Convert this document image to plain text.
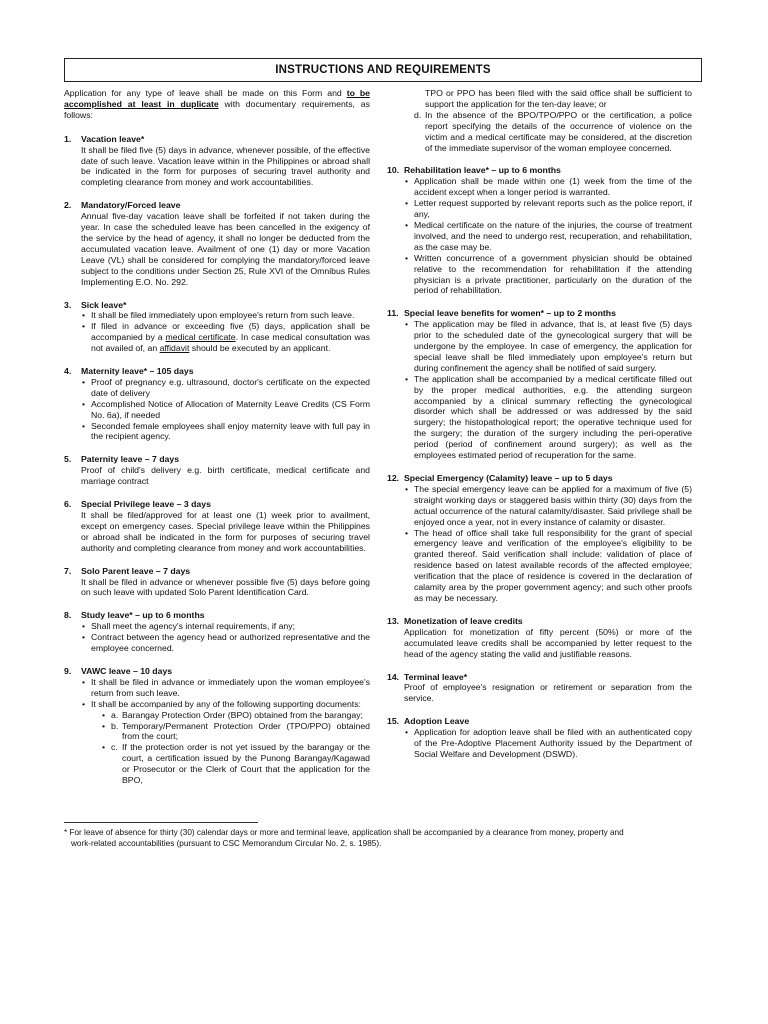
INSTRUCTIONS AND REQUIREMENTS

Application for any type of leave shall be made on this Form and to be accomplished at least in duplicate with documentary requirements, as follows:

1.	Vacation leave*

It shall be filed five (5) days in advance, whenever possible, of the effective date of such leave. Vacation leave within in the Philippines or abroad shall be indicated in the form for purposes of securing travel authority and completing clearance from money and work accountabilities.

2.	Mandatory/Forced leave

Annual five-day vacation leave shall be forfeited if not taken during the year. In case the scheduled leave has been cancelled in the exigency of the service by the head of agency, it shall no longer be deducted from the accumulated vacation leave. Availment of one (1) day or more Vacation Leave (VL) shall be considered for complying the mandatory/forced leave subject to the conditions under Section 25, Rule XVI of the Omnibus Rules Implementing E.O. No. 292.

3.	Sick leave*
• It shall be filed immediately upon employee's return from such leave.
• If filed in advance or exceeding five (5) days, application shall be accompanied by a medical certificate. In case medical consultation was not availed of, an affidavit should be executed by an applicant.
4.	Maternity leave* – 105 days
• Proof of pregnancy e.g. ultrasound, doctor's certificate on the expected date of delivery
• Accomplished Notice of Allocation of Maternity Leave Credits (CS Form No. 6a), if needed
• Seconded female employees shall enjoy maternity leave with full pay in the recipient agency.
5.	Paternity leave – 7 days

Proof of child's delivery e.g. birth certificate, medical certificate and marriage contract

6.	Special Privilege leave – 3 days

It shall be filed/approved for at least one (1) week prior to availment, except on emergency cases. Special privilege leave within the Philippines or abroad shall be indicated in the form for purposes of securing travel authority and completing clearance from money and work accountabilities.

7.	Solo Parent leave – 7 days

It shall be filed in advance or whenever possible five (5) days before going on such leave with updated Solo Parent Identification Card.

8.	Study leave* – up to 6 months
• Shall meet the agency's internal requirements, if any;
• Contract between the agency head or authorized representative and the employee concerned.
9.	VAWC leave – 10 days
• It shall be filed in advance or immediately upon the woman employee's return from such leave.
• It shall be accompanied by any of the following supporting documents:
• a. Barangay Protection Order (BPO) obtained from the barangay;
• b. Temporary/Permanent Protection Order (TPO/PPO) obtained from the court;
• c. If the protection order is not yet issued by the barangay or the court, a certification issued by the Punong Barangay/Kagawad or Prosecutor or the Clerk of Court that the application for the BPO,

TPO or PPO has been filed with the said office shall be sufficient to support the application for the ten-day leave; or

d. In the absence of the BPO/TPO/PPO or the certification, a police report specifying the details of the occurrence of violence on the victim and a medical certificate may be considered, at the discretion of the immediate supervisor of the woman employee concerned.
10. Rehabilitation leave* – up to 6 months
• Application shall be made within one (1) week from the time of the accident except when a longer period is warranted.
• Letter request supported by relevant reports such as the police report, if any,
• Medical certificate on the nature of the injuries, the course of treatment involved, and the need to undergo rest, recuperation, and rehabilitation, as the case may be.
• Written concurrence of a government physician should be obtained relative to the recommendation for rehabilitation if the attending physician is a private practitioner, particularly on the duration of the period of rehabilitation.
11. Special leave benefits for women* – up to 2 months
• The application may be filed in advance, that is, at least five (5) days prior to the scheduled date of the gynecological surgery that will be undergone by the employee. In case of emergency, the application for special leave shall be filed immediately upon employee's return but during confinement the agency shall be notified of said surgery.
• The application shall be accompanied by a medical certificate filled out by the proper medical authorities, e.g. the attending surgeon accompanied by a clinical summary reflecting the gynecological disorder which shall be addressed or was addressed by the said surgery; the histopathological report; the operative technique used for the surgery; the duration of the surgery including the peri-operative period (period of confinement around surgery); as well as the employees estimated period of recuperation for the same.
12. Special Emergency (Calamity) leave – up to 5 days
• The special emergency leave can be applied for a maximum of five (5) straight working days or staggered basis within thirty (30) days from the actual occurrence of the natural calamity/disaster. Said privilege shall be enjoyed once a year, not in every instance of calamity or disaster.
• The head of office shall take full responsibility for the grant of special emergency leave and verification of the employee's eligibility to be granted thereof. Said verification shall include: validation of place of residence based on latest available records of the affected employee; verification that the place of residence is covered in the declaration of calamity area by the proper government agency; and such other proofs as may be necessary.
13. Monetization of leave credits

Application for monetization of fifty percent (50%) or more of the accumulated leave credits shall be accompanied by letter request to the head of the agency stating the valid and justifiable reasons.

14. Terminal leave*

Proof of employee's resignation or retirement or separation from the service.

15. Adoption Leave
• Application for adoption leave shall be filed with an authenticated copy of the Pre-Adoptive Placement Authority issued by the Department of Social Welfare and Development (DSWD).

* For leave of absence for thirty (30) calendar days or more and terminal leave, application shall be accompanied by a clearance from money, property and

work-related accountabilities (pursuant to CSC Memorandum Circular No. 2, s. 1985).
